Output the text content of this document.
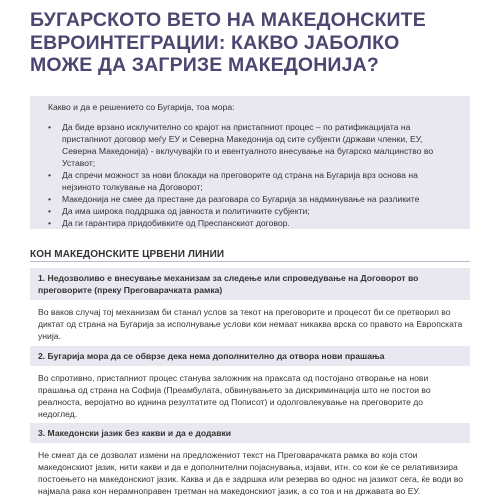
БУГАРСКОТО ВЕТО НА МАКЕДОНСКИТЕ
ЕВРОИНТЕГРАЦИИ: КАКВО ЈАБОЛКО
МОЖЕ ДА ЗАГРИЗЕ МАКЕДОНИЈА?
Какво и да е решението со Бугарија, тоа мора:
•	Да биде врзано исклучително со крајот на пристапниот процес – по ратификацијата на
пристапниот договор меѓу ЕУ и Северна Македонија од сите субјекти (држави членки, ЕУ,
Северна Македонија) - вклучувајќи го и евентуалното внесување на бугарско малцинство во
Уставот;
•	Да спречи можност за нови блокади на преговорите од страна на Бугарија врз основа на
нејзиното толкување на Договорот;
•	Македонија не смее да престане да разговара со Бугарија за надминување на разликите
•	Да има широка поддршка од јавноста и политичките субјекти;
•	Да ги гарантира придобивките од Преспанскиот договор.
КОН МАКЕДОНСКИТЕ ЦРВЕНИ ЛИНИИ
1. Недозволиво е внесување механизам за следење или спроведување на Договорот во
преговорите (преку Преговарачката рамка)
Во ваков случај тој механизам би станал услов за текот на преговорите и процесот би се претворил во
диктат од страна на Бугарија за исполнување услови кои немаат никаква врска со правото на Европската
унија.
2. Бугарија мора да се обврзе дека нема дополнително да отвора нови прашања
Во спротивно, пристапниот процес станува заложник на праксата од постојано отворање на нови
прашања од страна на Софија (Преамбулата, обвинувањето за дискриминација што не постои во
реалноста, веројатно во иднина резултатите од Пописот) и одолговлекување на преговорите до
недоглед.
3. Македонски јазик без какви и да е додавки
Не смеат да се дозволат измени на предложениот текст на Преговарачката рамка во која стои
македонскиот јазик, нити какви и да е дополнителни појаснувања, изјави, итн. со кои ќе се релативизира
постоењето на македонскиот јазик. Каква и да е задршка или резерва во однос на јазикот сега, ќе води во
најмала рака кон нерамноправен третман на македонскиот јазик, а со тоа и на државата во ЕУ.
